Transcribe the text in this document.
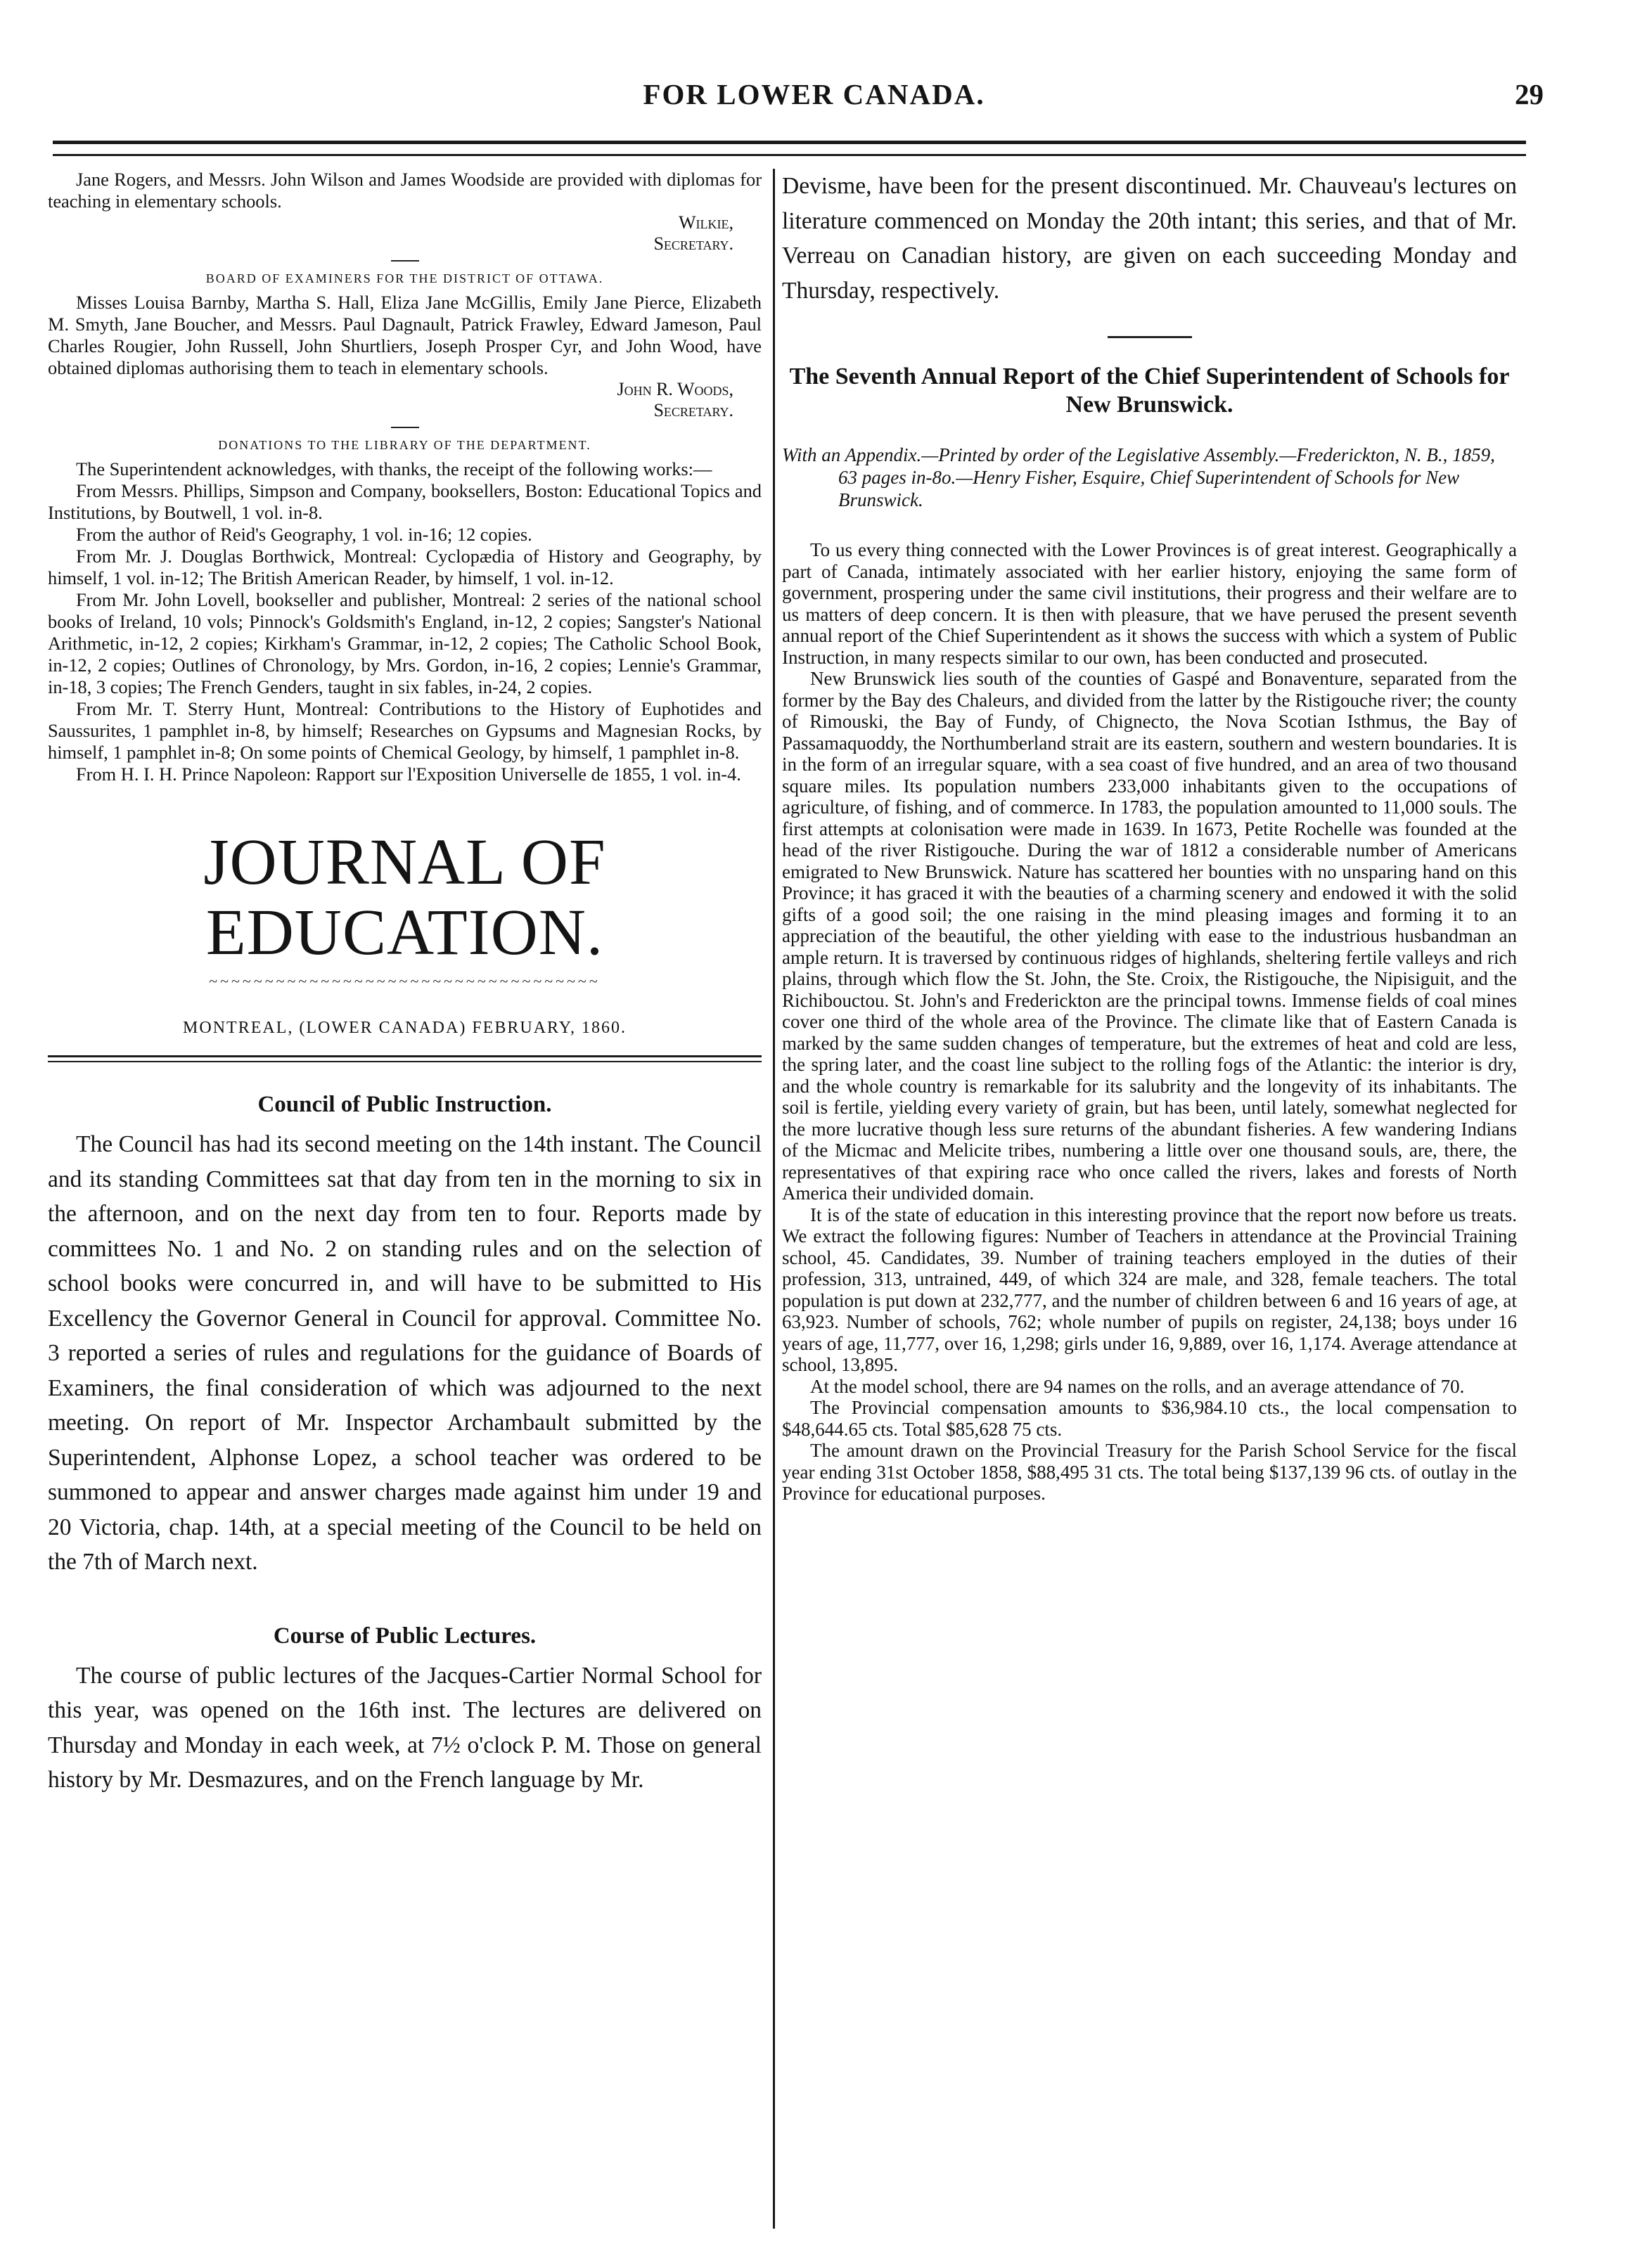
FOR LOWER CANADA.	29

Jane Rogers, and Messrs. John Wilson and James Woodside are provided with diplomas for teaching in elementary schools.

Wilkie,
Secretary.
BOARD OF EXAMINERS FOR THE DISTRICT OF OTTAWA.

Misses Louisa Barnby, Martha S. Hall, Eliza Jane McGillis, Emily Jane Pierce, Elizabeth M. Smyth, Jane Boucher, and Messrs. Paul Dagnault, Patrick Frawley, Edward Jameson, Paul Charles Rougier, John Russell, John Shurtliers, Joseph Prosper Cyr, and John Wood, have obtained diplomas authorising them to teach in elementary schools.

John R. Woods,
Secretary.
DONATIONS TO THE LIBRARY OF THE DEPARTMENT.

The Superintendent acknowledges, with thanks, the receipt of the following works:—

From Messrs. Phillips, Simpson and Company, booksellers, Boston: Educational Topics and Institutions, by Boutwell, 1 vol. in-8.

From the author of Reid's Geography, 1 vol. in-16; 12 copies.

From Mr. J. Douglas Borthwick, Montreal: Cyclopædia of History and Geography, by himself, 1 vol. in-12; The British American Reader, by himself, 1 vol. in-12.

From Mr. John Lovell, bookseller and publisher, Montreal: 2 series of the national school books of Ireland, 10 vols; Pinnock's Goldsmith's England, in-12, 2 copies; Sangster's National Arithmetic, in-12, 2 copies; Kirkham's Grammar, in-12, 2 copies; The Catholic School Book, in-12, 2 copies; Outlines of Chronology, by Mrs. Gordon, in-16, 2 copies; Lennie's Grammar, in-18, 3 copies; The French Genders, taught in six fables, in-24, 2 copies.

From Mr. T. Sterry Hunt, Montreal: Contributions to the History of Euphotides and Saussurites, 1 pamphlet in-8, by himself; Researches on Gypsums and Magnesian Rocks, by himself, 1 pamphlet in-8; On some points of Chemical Geology, by himself, 1 pamphlet in-8.

From H. I. H. Prince Napoleon: Rapport sur l'Exposition Universelle de 1855, 1 vol. in-4.

JOURNAL OF EDUCATION.
~~~~~~~~~~~~~~~~~~~~~~~~~~~~~~~~~~~
MONTREAL, (LOWER CANADA) FEBRUARY, 1860.
Council of Public Instruction.

The Council has had its second meeting on the 14th instant. The Council and its standing Committees sat that day from ten in the morning to six in the afternoon, and on the next day from ten to four. Reports made by committees No. 1 and No. 2 on standing rules and on the selection of school books were concurred in, and will have to be submitted to His Excellency the Governor General in Council for approval. Committee No. 3 reported a series of rules and regulations for the guidance of Boards of Examiners, the final consideration of which was adjourned to the next meeting. On report of Mr. Inspector Archambault submitted by the Superintendent, Alphonse Lopez, a school teacher was ordered to be summoned to appear and answer charges made against him under 19 and 20 Victoria, chap. 14th, at a special meeting of the Council to be held on the 7th of March next.

Course of Public Lectures.

The course of public lectures of the Jacques-Cartier Normal School for this year, was opened on the 16th inst. The lectures are delivered on Thursday and Monday in each week, at 7½ o'clock P. M. Those on general history by Mr. Desmazures, and on the French language by Mr.

Devisme, have been for the present discontinued. Mr. Chauveau's lectures on literature commenced on Monday the 20th intant; this series, and that of Mr. Verreau on Canadian history, are given on each succeeding Monday and Thursday, respectively.

The Seventh Annual Report of the Chief Superintendent of Schools for New Brunswick.
With an Appendix.—Printed by order of the Legislative Assembly.—Frederickton, N. B., 1859, 63 pages in-8o.—Henry Fisher, Esquire, Chief Superintendent of Schools for New Brunswick.

To us every thing connected with the Lower Provinces is of great interest. Geographically a part of Canada, intimately associated with her earlier history, enjoying the same form of government, prospering under the same civil institutions, their progress and their welfare are to us matters of deep concern. It is then with pleasure, that we have perused the present seventh annual report of the Chief Superintendent as it shows the success with which a system of Public Instruction, in many respects similar to our own, has been conducted and prosecuted.

New Brunswick lies south of the counties of Gaspé and Bonaventure, separated from the former by the Bay des Chaleurs, and divided from the latter by the Ristigouche river; the county of Rimouski, the Bay of Fundy, of Chignecto, the Nova Scotian Isthmus, the Bay of Passamaquoddy, the Northumberland strait are its eastern, southern and western boundaries. It is in the form of an irregular square, with a sea coast of five hundred, and an area of two thousand square miles. Its population numbers 233,000 inhabitants given to the occupations of agriculture, of fishing, and of commerce. In 1783, the population amounted to 11,000 souls. The first attempts at colonisation were made in 1639. In 1673, Petite Rochelle was founded at the head of the river Ristigouche. During the war of 1812 a considerable number of Americans emigrated to New Brunswick. Nature has scattered her bounties with no unsparing hand on this Province; it has graced it with the beauties of a charming scenery and endowed it with the solid gifts of a good soil; the one raising in the mind pleasing images and forming it to an appreciation of the beautiful, the other yielding with ease to the industrious husbandman an ample return. It is traversed by continuous ridges of highlands, sheltering fertile valleys and rich plains, through which flow the St. John, the Ste. Croix, the Ristigouche, the Nipisiguit, and the Richibouctou. St. John's and Frederickton are the principal towns. Immense fields of coal mines cover one third of the whole area of the Province. The climate like that of Eastern Canada is marked by the same sudden changes of temperature, but the extremes of heat and cold are less, the spring later, and the coast line subject to the rolling fogs of the Atlantic: the interior is dry, and the whole country is remarkable for its salubrity and the longevity of its inhabitants. The soil is fertile, yielding every variety of grain, but has been, until lately, somewhat neglected for the more lucrative though less sure returns of the abundant fisheries. A few wandering Indians of the Micmac and Melicite tribes, numbering a little over one thousand souls, are, there, the representatives of that expiring race who once called the rivers, lakes and forests of North America their undivided domain.

It is of the state of education in this interesting province that the report now before us treats. We extract the following figures: Number of Teachers in attendance at the Provincial Training school, 45. Candidates, 39. Number of training teachers employed in the duties of their profession, 313, untrained, 449, of which 324 are male, and 328, female teachers. The total population is put down at 232,777, and the number of children between 6 and 16 years of age, at 63,923. Number of schools, 762; whole number of pupils on register, 24,138; boys under 16 years of age, 11,777, over 16, 1,298; girls under 16, 9,889, over 16, 1,174. Average attendance at school, 13,895.

At the model school, there are 94 names on the rolls, and an average attendance of 70.

The Provincial compensation amounts to $36,984.10 cts., the local compensation to $48,644.65 cts. Total $85,628 75 cts.

The amount drawn on the Provincial Treasury for the Parish School Service for the fiscal year ending 31st October 1858, $88,495 31 cts. The total being $137,139 96 cts. of outlay in the Province for educational purposes.
